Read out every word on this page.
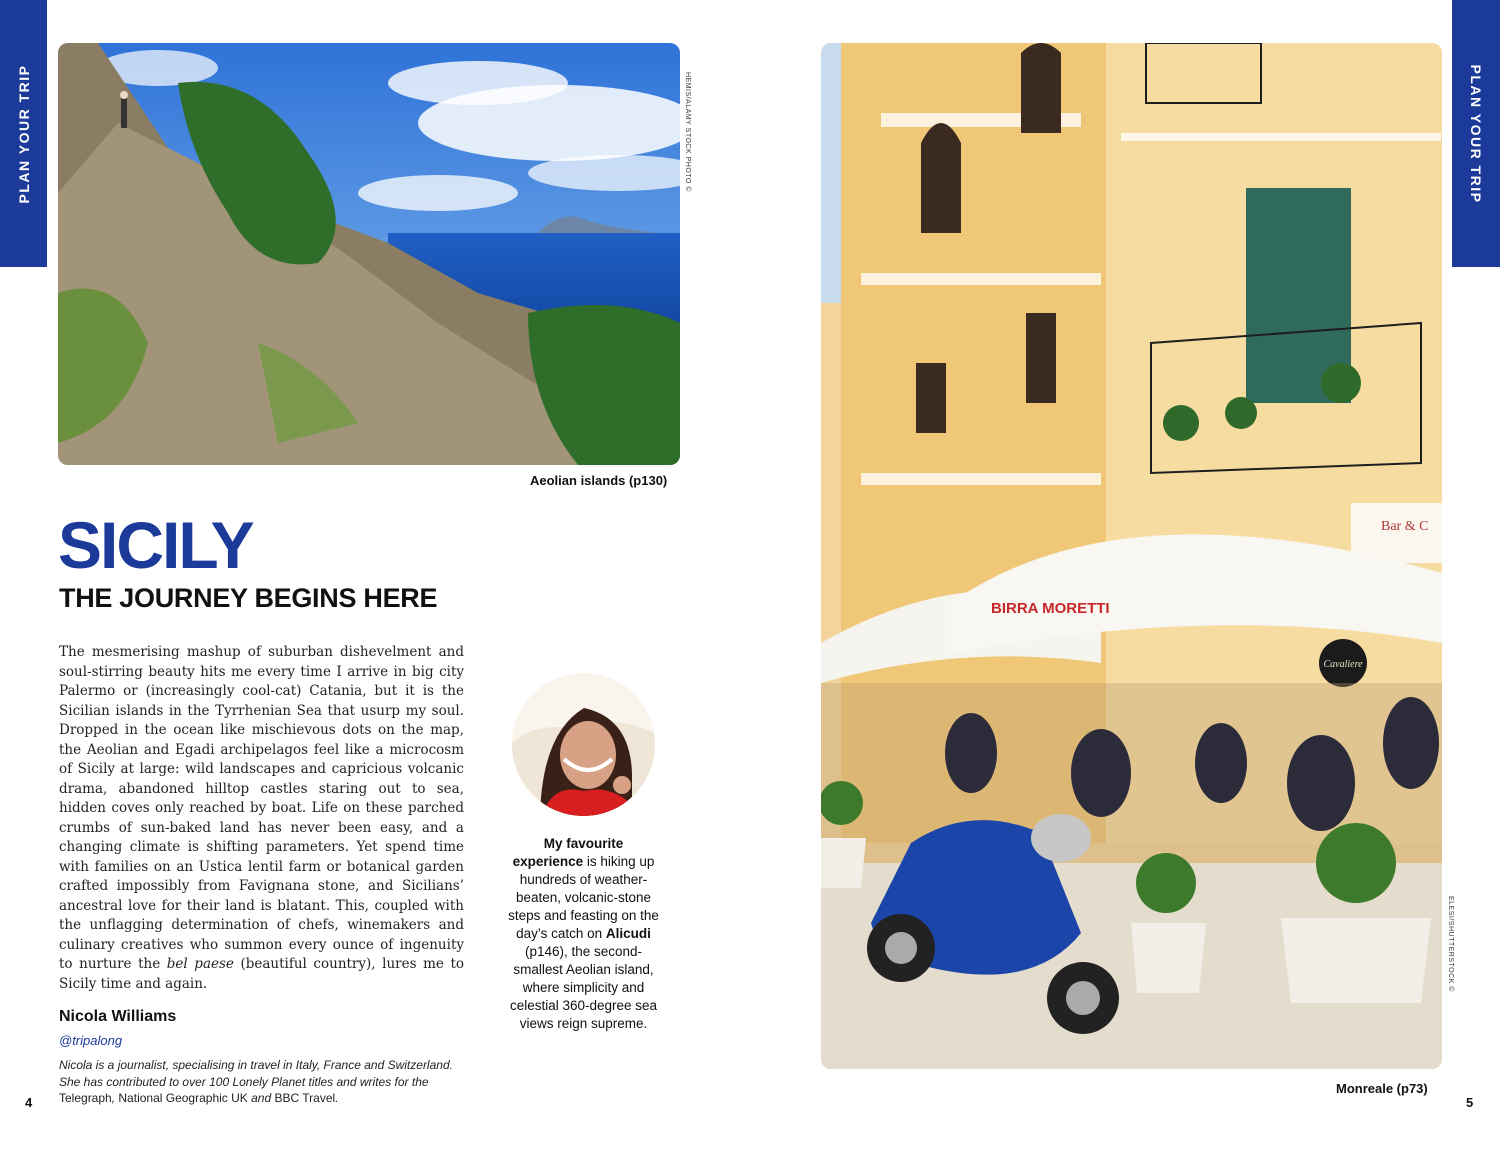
PLAN YOUR TRIP	PLAN YOUR TRIP
HEMIS/ALAMY STOCK PHOTO ©
Aeolian islands (p130)
SICILY
THE JOURNEY BEGINS HERE

The mesmerising mashup of suburban dishevelment and soul-stirring beauty hits me every time I arrive in big city Palermo or (increasingly cool-cat) Catania, but it is the Sicilian islands in the Tyrrhenian Sea that usurp my soul. Dropped in the ocean like mischievous dots on the map, the Aeolian and Egadi archipelagos feel like a microcosm of Sicily at large: wild landscapes and capricious volcanic drama, abandoned hilltop castles staring out to sea, hidden coves only reached by boat. Life on these parched crumbs of sun-baked land has never been easy, and a changing climate is shifting parameters. Yet spend time with families on an Ustica lentil farm or botanical garden crafted impossibly from Favignana stone, and Sicilians’ ancestral love for their land is blatant. This, coupled with the unflagging determination of chefs, winemakers and culinary creatives who summon every ounce of ingenuity to nurture the bel paese (beautiful country), lures me to Sicily time and again.

Nicola Williams
@tripalong

Nicola is a journalist, specialising in travel in Italy, France and Switzerland. She has contributed to over 100 Lonely Planet titles and writes for the Telegraph, National Geographic UK and BBC Travel.

My favourite experience is hiking up hundreds of weather-beaten, volcanic-stone steps and feasting on the day’s catch on Alicudi (p146), the second-smallest Aeolian island, where simplicity and celestial 360-degree sea views reign supreme.

Bar & C
BIRRA MORETTI
Cavaliere
ELESI/SHUTTERSTOCK ©
Monreale (p73)
4	5
